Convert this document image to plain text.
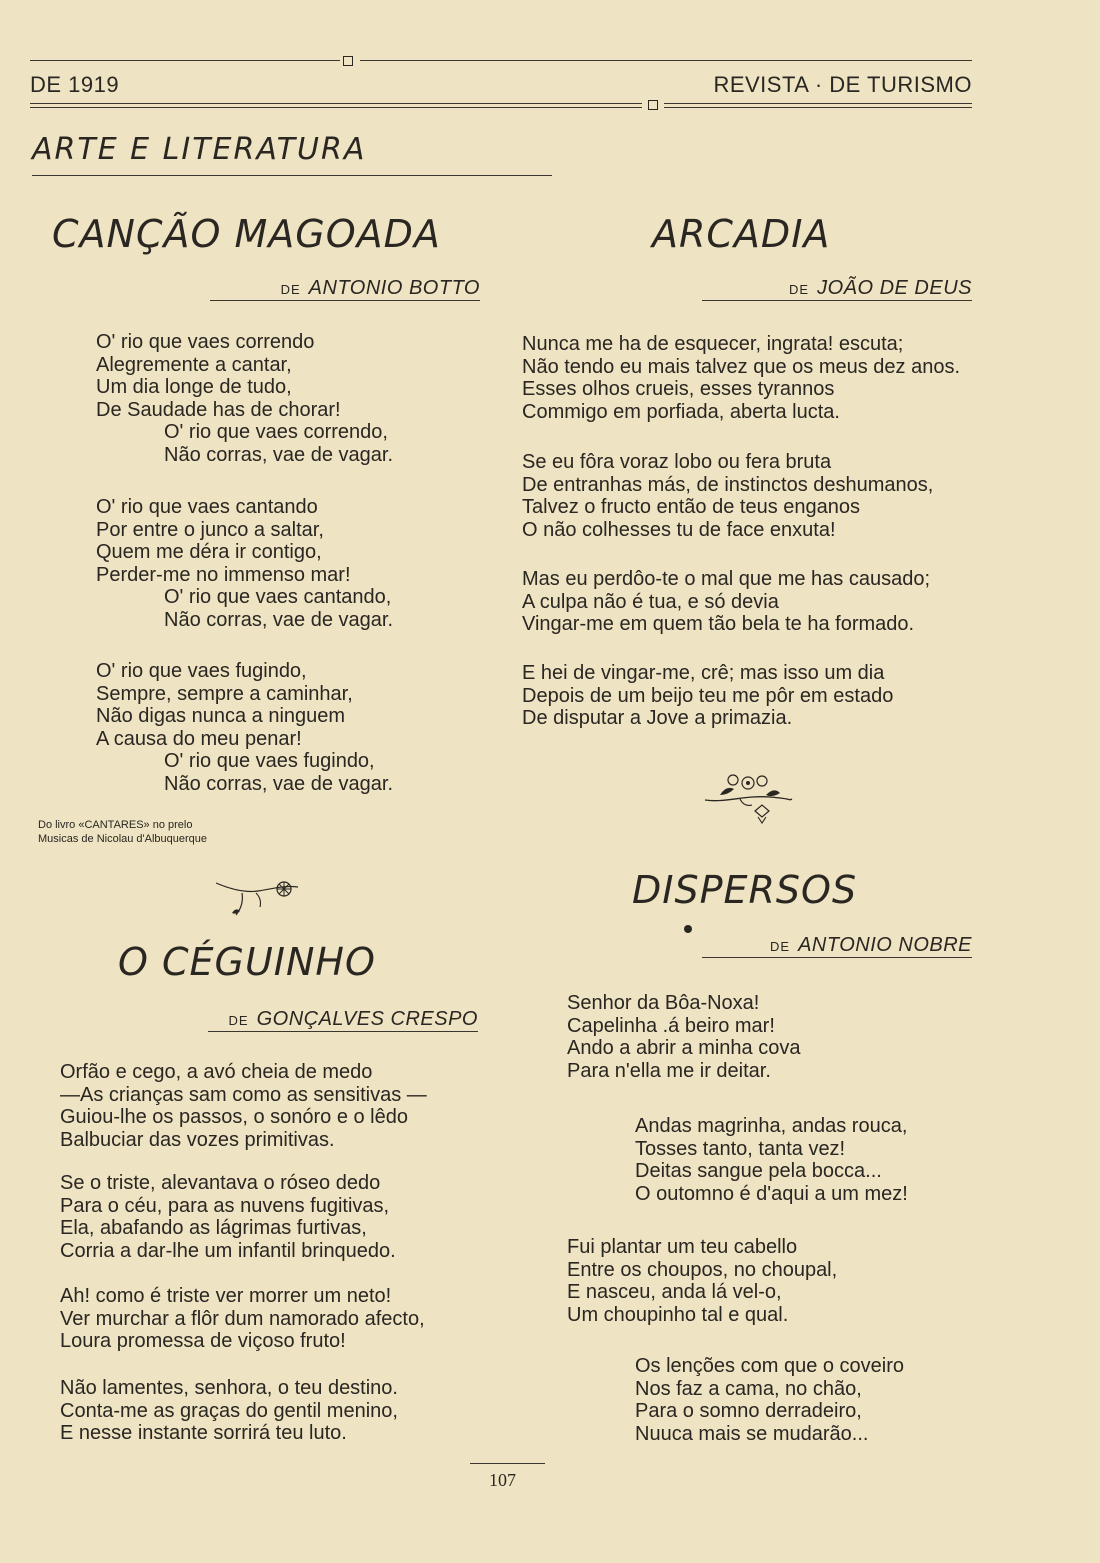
DE 1919	REVISTA · DE TURISMO
ARTE E LITERATURA
CANÇÃO MAGOADA
DE ANTONIO BOTTO
O' rio que vaes correndo
Alegremente a cantar,
Um dia longe de tudo,
De Saudade has de chorar!
O' rio que vaes correndo,
Não corras, vae de vagar.
O' rio que vaes cantando
Por entre o junco a saltar,
Quem me déra ir contigo,
Perder-me no immenso mar!
O' rio que vaes cantando,
Não corras, vae de vagar.
O' rio que vaes fugindo,
Sempre, sempre a caminhar,
Não digas nunca a ninguem
A causa do meu penar!
O' rio que vaes fugindo,
Não corras, vae de vagar.
Do livro «CANTARES» no prelo
Musicas de Nicolau d'Albuquerque
ARCADIA
DE JOÃO DE DEUS
Nunca me ha de esquecer, ingrata! escuta;
Não tendo eu mais talvez que os meus dez anos.
Esses olhos crueis, esses tyrannos
Commigo em porfiada, aberta lucta.
Se eu fôra voraz lobo ou fera bruta
De entranhas más, de instinctos deshumanos,
Talvez o fructo então de teus enganos
O não colhesses tu de face enxuta!
Mas eu perdôo-te o mal que me has causado;
A culpa não é tua, e só devia
Vingar-me em quem tão bela te ha formado.
E hei de vingar-me, crê; mas isso um dia
Depois de um beijo teu me pôr em estado
De disputar a Jove a primazia.
O CÉGUINHO
DE GONÇALVES CRESPO
Orfão e cego, a avó cheia de medo
—As crianças sam como as sensitivas —
Guiou-lhe os passos, o sonóro e o lêdo
Balbuciar das vozes primitivas.
Se o triste, alevantava o róseo dedo
Para o céu, para as nuvens fugitivas,
Ela, abafando as lágrimas furtivas,
Corria a dar-lhe um infantil brinquedo.
Ah! como é triste ver morrer um neto!
Ver murchar a flôr dum namorado afecto,
Loura promessa de viçoso fruto!
Não lamentes, senhora, o teu destino.
Conta-me as graças do gentil menino,
E nesse instante sorrirá teu luto.
DISPERSOS
DE ANTONIO NOBRE
Senhor da Bôa-Noxa!
Capelinha .á beiro mar!
Ando a abrir a minha cova
Para n'ella me ir deitar.
Andas magrinha, andas rouca,
Tosses tanto, tanta vez!
Deitas sangue pela bocca...
O outomno é d'aqui a um mez!
Fui plantar um teu cabello
Entre os choupos, no choupal,
E nasceu, anda lá vel-o,
Um choupinho tal e qual.
Os lenções com que o coveiro
Nos faz a cama, no chão,
Para o somno derradeiro,
Nuuca mais se mudarão...
107
